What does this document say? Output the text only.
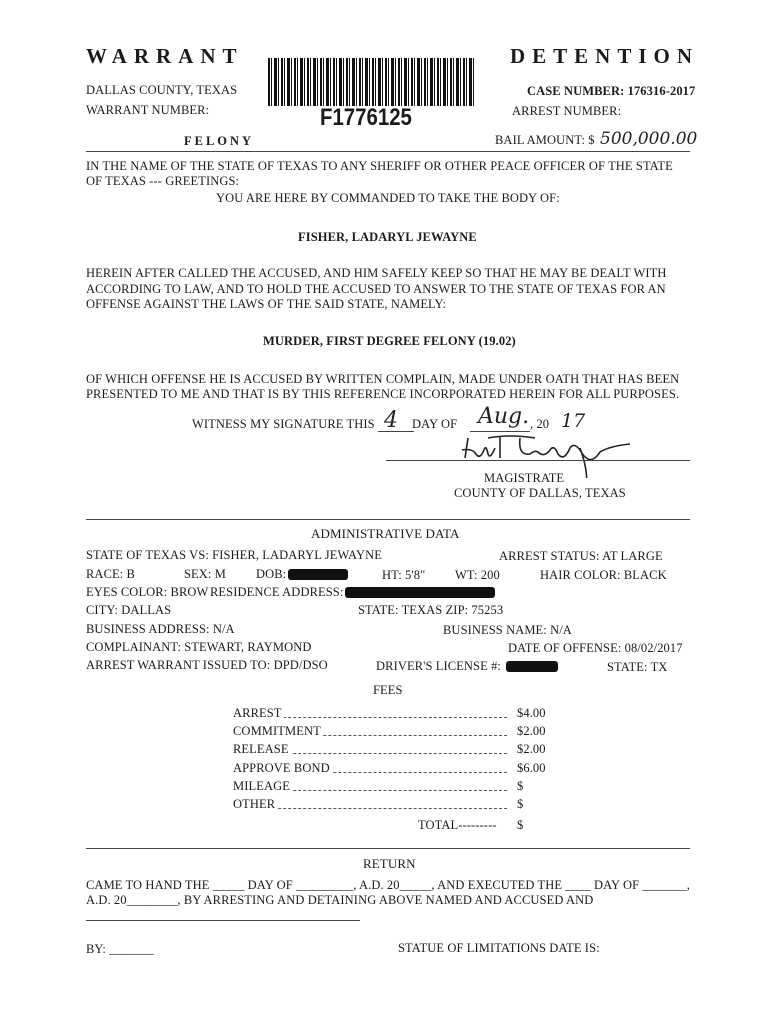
WARRANT	DETENTION
DALLAS COUNTY, TEXAS
WARRANT NUMBER:	F1776125
CASE NUMBER: 176316-2017
ARREST NUMBER:
FELONY	BAIL AMOUNT: $ 500,000.00
IN THE NAME OF THE STATE OF TEXAS TO ANY SHERIFF OR OTHER PEACE OFFICER OF THE STATE
OF TEXAS --- GREETINGS:
YOU ARE HERE BY COMMANDED TO TAKE THE BODY OF:
FISHER, LADARYL JEWAYNE
HEREIN AFTER CALLED THE ACCUSED, AND HIM SAFELY KEEP SO THAT HE MAY BE DEALT WITH
ACCORDING TO LAW, AND TO HOLD THE ACCUSED TO ANSWER TO THE STATE OF TEXAS FOR AN
OFFENSE AGAINST THE LAWS OF THE SAID STATE, NAMELY:
MURDER, FIRST DEGREE FELONY (19.02)
OF WHICH OFFENSE HE IS ACCUSED BY WRITTEN COMPLAIN, MADE UNDER OATH THAT HAS BEEN
PRESENTED TO ME AND THAT IS BY THIS REFERENCE INCORPORATED HEREIN FOR ALL PURPOSES.
WITNESS MY SIGNATURE THIS 4 DAY OF Aug. , 20 17
MAGISTRATE
COUNTY OF DALLAS, TEXAS
ADMINISTRATIVE DATA
STATE OF TEXAS VS: FISHER, LADARYL JEWAYNE	ARREST STATUS: AT LARGE
RACE: B	SEX: M DOB:	HT: 5'8" WT: 200	HAIR COLOR: BLACK
EYES COLOR: BROW RESIDENCE ADDRESS:
CITY: DALLAS	STATE: TEXAS ZIP: 75253
BUSINESS ADDRESS: N/A	BUSINESS NAME: N/A
COMPLAINANT: STEWART, RAYMOND	DATE OF OFFENSE: 08/02/2017
ARREST WARRANT ISSUED TO: DPD/DSO	DRIVER'S LICENSE #:	STATE: TX
FEES
ARREST	$4.00
COMMITMENT	$2.00
RELEASE	$2.00
APPROVE BOND	$6.00
MILEAGE	$
OTHER	$
TOTAL--------- $
RETURN
CAME TO HAND THE _____ DAY OF _________, A.D. 20_____, AND EXECUTED THE ____ DAY OF _______,
A.D. 20________, BY ARRESTING AND DETAINING ABOVE NAMED AND ACCUSED AND
BY: _______	STATUE OF LIMITATIONS DATE IS:
